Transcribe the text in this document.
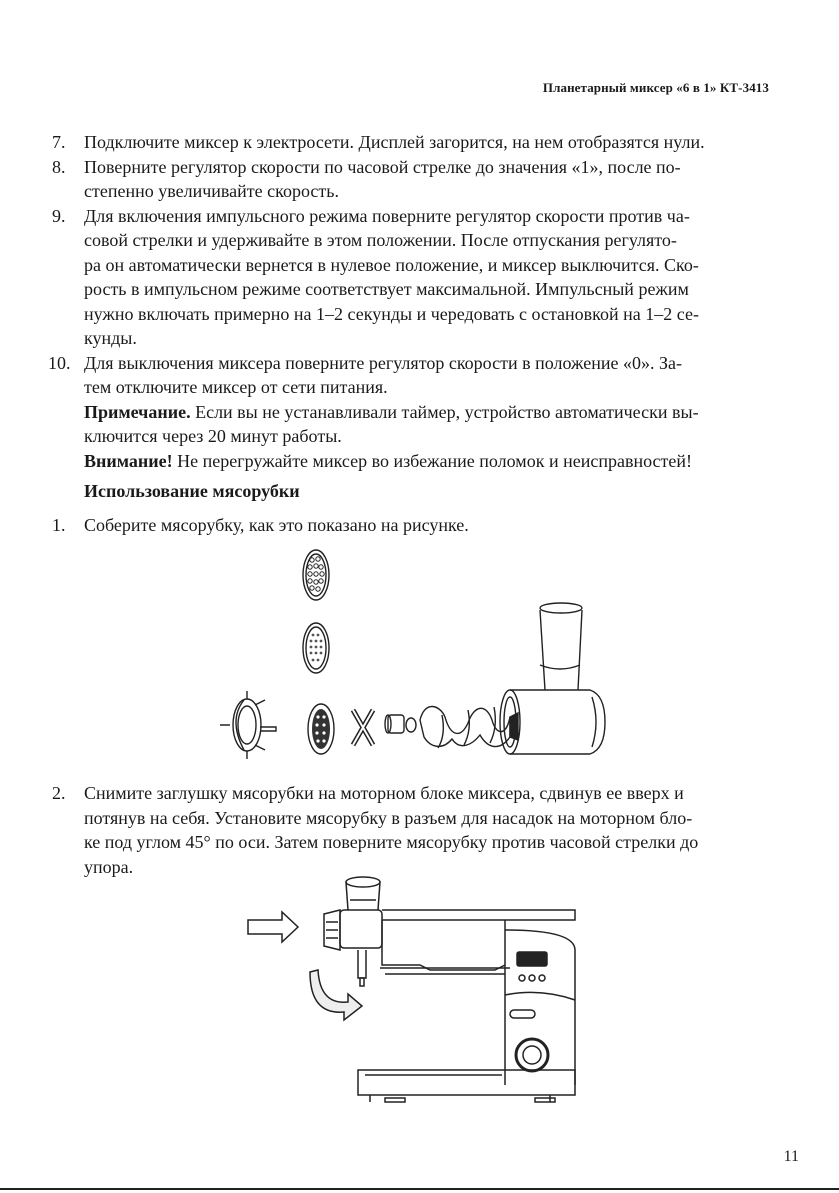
Планетарный миксер «6 в 1» КТ-3413
7.	Подключите миксер к электросети. Дисплей загорится, на нем отобразятся нули.
8.	Поверните регулятор скорости по часовой стрелке до значения «1», после по-
степенно увеличивайте скорость.
9.	Для включения импульсного режима поверните регулятор скорости против ча-
совой стрелки и удерживайте в этом положении. После отпускания регулято-
ра он автоматически вернется в нулевое положение, и миксер выключится. Ско-
рость в импульсном режиме соответствует максимальной. Импульсный режим
нужно включать примерно на 1–2 секунды и чередовать с остановкой на 1–2 се-
кунды.
10. Для выключения миксера поверните регулятор скорости в положение «0». За-
тем отключите миксер от сети питания.
Примечание. Если вы не устанавливали таймер, устройство автоматически вы-
ключится через 20 минут работы.
Внимание! Не перегружайте миксер во избежание поломок и неисправностей!
Использование мясорубки
1.	Соберите мясорубку, как это показано на рисунке.
2.	Снимите заглушку мясорубки на моторном блоке миксера, сдвинув ее вверх и
потянув на себя. Установите мясорубку в разъем для насадок на моторном бло-
ке под углом 45° по оси. Затем поверните мясорубку против часовой стрелки до
упора.
11
